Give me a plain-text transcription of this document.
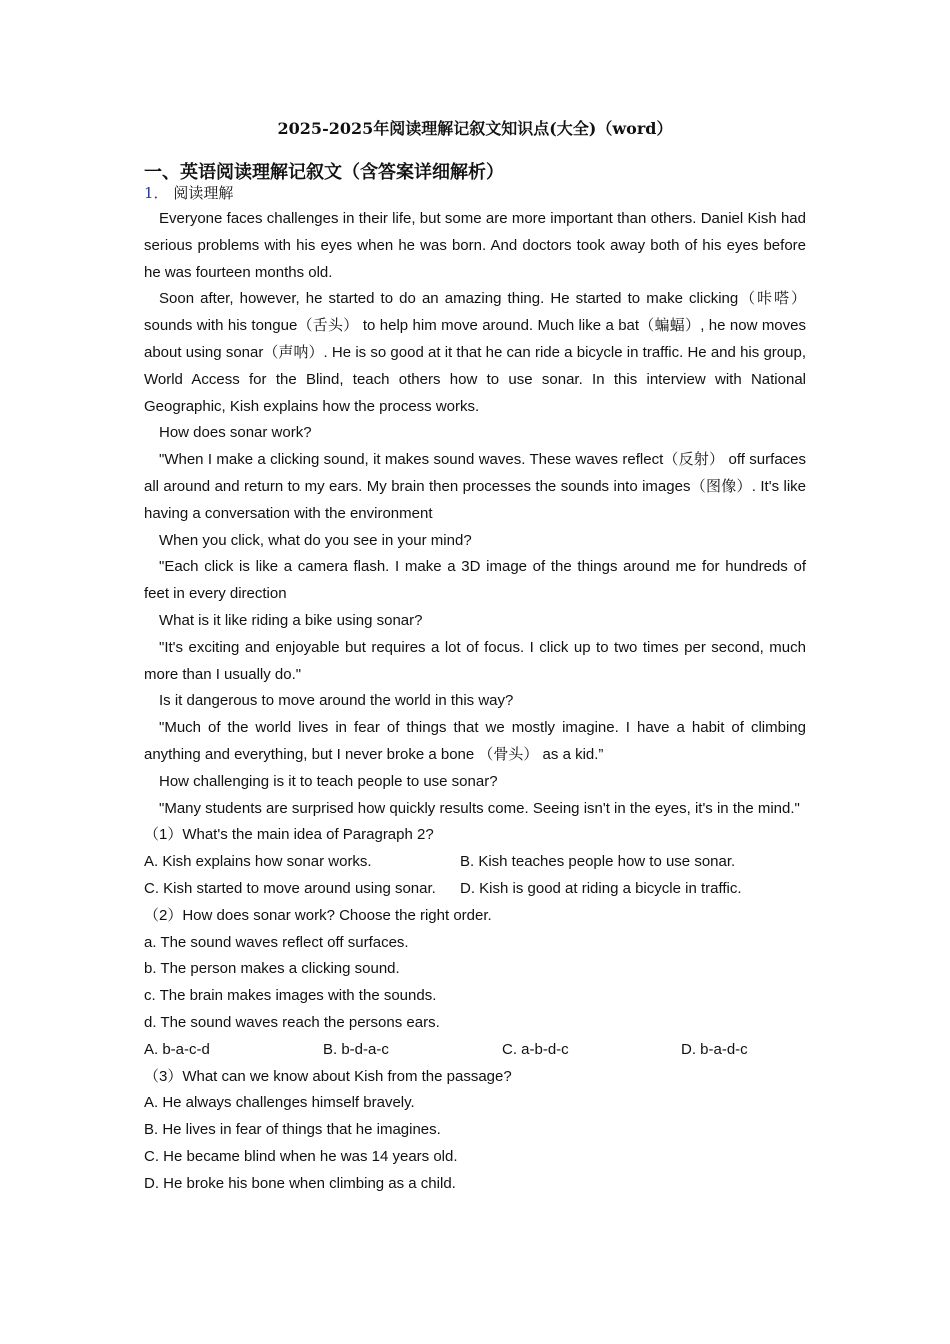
2025-2025年阅读理解记叙文知识点(大全)（word）
一、英语阅读理解记叙文（含答案详细解析）
1． 阅读理解

Everyone faces challenges in their life, but some are more important than others. Daniel Kish had serious problems with his eyes when he was born. And doctors took away both of his eyes before he was fourteen months old.

Soon after, however, he started to do an amazing thing. He started to make clicking（咔嗒）sounds with his tongue（舌头） to help him move around. Much like a bat（蝙蝠）, he now moves about using sonar（声呐）. He is so good at it that he can ride a bicycle in traffic. He and his group, World Access for the Blind, teach others how to use sonar. In this interview with National Geographic, Kish explains how the process works.

How does sonar work?

"When I make a clicking sound, it makes sound waves. These waves reflect（反射） off surfaces all around and return to my ears. My brain then processes the sounds into images（图像）. It's like having a conversation with the environment

When you click, what do you see in your mind?

"Each click is like a camera flash. I make a 3D image of the things around me for hundreds of feet in every direction

What is it like riding a bike using sonar?

"It's exciting and enjoyable but requires a lot of focus. I click up to two times per second, much more than I usually do."

Is it dangerous to move around the world in this way?

"Much of the world lives in fear of things that we mostly imagine. I have a habit of climbing anything and everything, but I never broke a bone （骨头） as a kid.”

How challenging is it to teach people to use sonar?

"Many students are surprised how quickly results come. Seeing isn't in the eyes, it's in the mind."

（1）What's the main idea of Paragraph 2?

A. Kish explains how sonar works.	B. Kish teaches people how to use sonar.
C. Kish started to move around using sonar.	D. Kish is good at riding a bicycle in traffic.

（2）How does sonar work? Choose the right order.

a. The sound waves reflect off surfaces.

b. The person makes a clicking sound.

c. The brain makes images with the sounds.

d. The sound waves reach the persons ears.

A. b-a-c-d	B. b-d-a-c	C. a-b-d-c	D. b-a-d-c

（3）What can we know about Kish from the passage?

A. He always challenges himself bravely.

B. He lives in fear of things that he imagines.

C. He became blind when he was 14 years old.

D. He broke his bone when climbing as a child.
